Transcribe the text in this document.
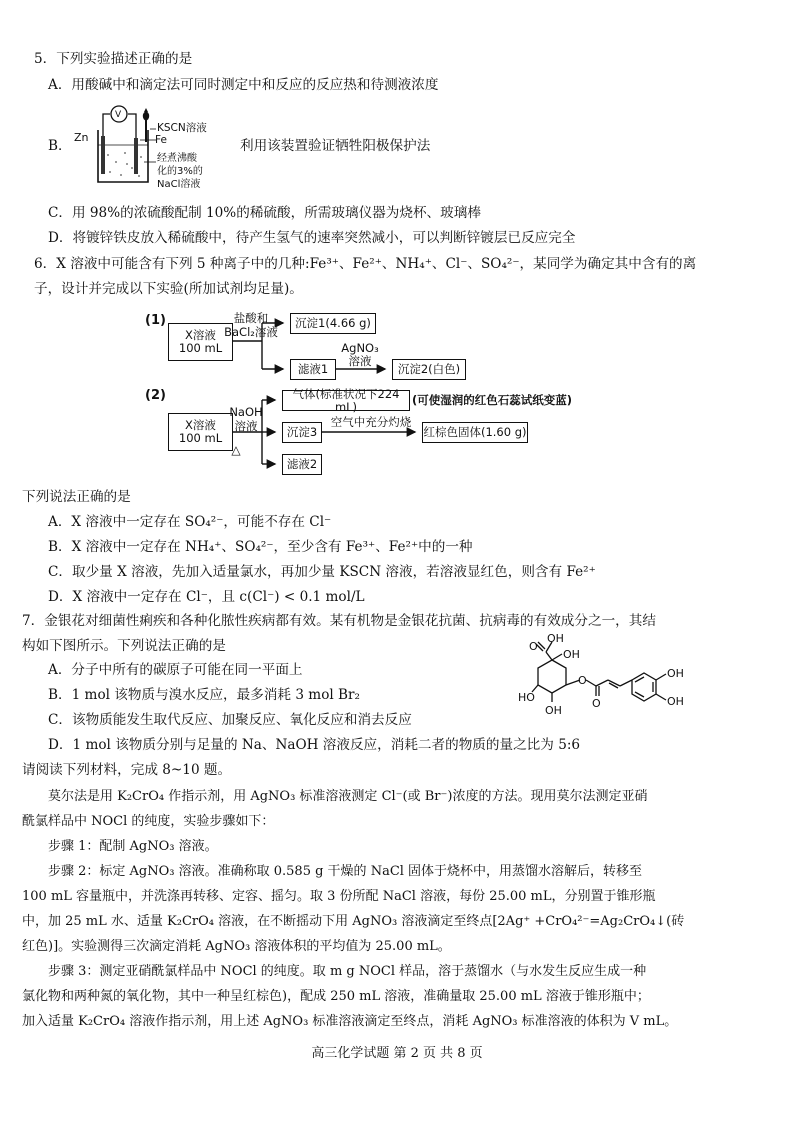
5．下列实验描述正确的是
A．用酸碱中和滴定法可同时测定中和反应的反应热和待测液浓度
B．
Zn
V
KSCN溶液
Fe
经煮沸酸
化的3%的
NaCl溶液
利用该装置验证牺牲阳极保护法
C．用 98%的浓硫酸配制 10%的稀硫酸，所需玻璃仪器为烧杯、玻璃棒
D．将镀锌铁皮放入稀硫酸中，待产生氢气的速率突然减小，可以判断锌镀层已反应完全
6．X 溶液中可能含有下列 5 种离子中的几种:Fe³⁺、Fe²⁺、NH₄⁺、Cl⁻、SO₄²⁻，某同学为确定其中含有的离
子，设计并完成以下实验(所加试剂均足量)。
(1)
X溶液
100 mL
盐酸和
BaCl₂溶液
沉淀1(4.66 g)
滤液1
AgNO₃
溶液
沉淀2(白色)
(2)
X溶液
100 mL
NaOH
溶液
△
气体(标准状况下224 mL)	(可使湿润的红色石蕊试纸变蓝)
沉淀3
空气中充分灼烧
红棕色固体(1.60 g)
滤液2
下列说法正确的是
A．X 溶液中一定存在 SO₄²⁻，可能不存在 Cl⁻
B．X 溶液中一定存在 NH₄⁺、SO₄²⁻，至少含有 Fe³⁺、Fe²⁺中的一种
C．取少量 X 溶液，先加入适量氯水，再加少量 KSCN 溶液，若溶液显红色，则含有 Fe²⁺
D．X 溶液中一定存在 Cl⁻，且 c(Cl⁻) < 0.1 mol/L
7．金银花对细菌性痢疾和各种化脓性疾病都有效。某有机物是金银花抗菌、抗病毒的有效成分之一，其结
构如下图所示。下列说法正确的是
A．分子中所有的碳原子可能在同一平面上
B．1 mol 该物质与溴水反应，最多消耗 3 mol Br₂
C．该物质能发生取代反应、加聚反应、氧化反应和消去反应
D．1 mol 该物质分别与足量的 Na、NaOH 溶液反应，消耗二者的物质的量之比为 5:6
OH
O
OH
O
O
HO
OH
OH
OH
请阅读下列材料，完成 8~10 题。
莫尔法是用 K₂CrO₄ 作指示剂，用 AgNO₃ 标准溶液测定 Cl⁻(或 Br⁻)浓度的方法。现用莫尔法测定亚硝
酰氯样品中 NOCl 的纯度，实验步骤如下：
步骤 1：配制 AgNO₃ 溶液。
步骤 2：标定 AgNO₃ 溶液。准确称取 0.585 g 干燥的 NaCl 固体于烧杯中，用蒸馏水溶解后，转移至
100 mL 容量瓶中，并洗涤再转移、定容、摇匀。取 3 份所配 NaCl 溶液，每份 25.00 mL，分别置于锥形瓶
中，加 25 mL 水、适量 K₂CrO₄ 溶液，在不断摇动下用 AgNO₃ 溶液滴定至终点[2Ag⁺ +CrO₄²⁻=Ag₂CrO₄↓(砖
红色)]。实验测得三次滴定消耗 AgNO₃ 溶液体积的平均值为 25.00 mL。
步骤 3：测定亚硝酰氯样品中 NOCl 的纯度。取 m g NOCl 样品，溶于蒸馏水（与水发生反应生成一种
氯化物和两种氮的氧化物，其中一种呈红棕色)，配成 250 mL 溶液，准确量取 25.00 mL 溶液于锥形瓶中；
加入适量 K₂CrO₄ 溶液作指示剂，用上述 AgNO₃ 标准溶液滴定至终点，消耗 AgNO₃ 标准溶液的体积为 V mL。
高三化学试题 第 2 页 共 8 页
